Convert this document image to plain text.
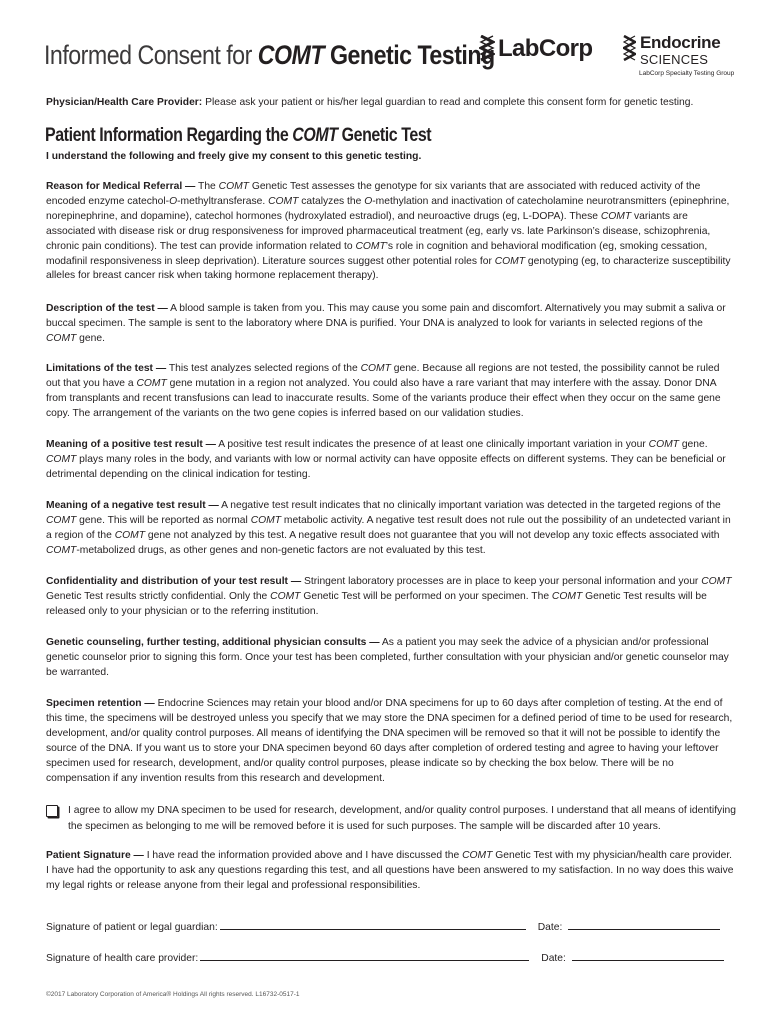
Informed Consent for COMT Genetic Testing LabCorp	Endocrine
SCIENCES
LabCorp Specialty Testing Group
Physician/Health Care Provider: Please ask your patient or his/her legal guardian to read and complete this consent form for genetic testing.
Patient Information Regarding the COMT Genetic Test
I understand the following and freely give my consent to this genetic testing.
Reason for Medical Referral — The COMT Genetic Test assesses the genotype for six variants that are associated with reduced activity of the encoded enzyme catechol-O-methyltransferase. COMT catalyzes the O-methylation and inactivation of catecholamine neurotransmitters (epinephrine, norepinephrine, and dopamine), catechol hormones (hydroxylated estradiol), and neuroactive drugs (eg, L-DOPA). These COMT variants are associated with disease risk or drug responsiveness for improved pharmaceutical treatment (eg, early vs. late Parkinson’s disease, schizophrenia, chronic pain conditions). The test can provide information related to COMT’s role in cognition and behavioral modification (eg, smoking cessation, modafinil responsiveness in sleep deprivation). Literature sources suggest other potential roles for COMT genotyping (eg, to characterize susceptibility alleles for breast cancer risk when taking hormone replacement therapy).
Description of the test — A blood sample is taken from you. This may cause you some pain and discomfort. Alternatively you may submit a saliva or buccal specimen. The sample is sent to the laboratory where DNA is purified. Your DNA is analyzed to look for variants in selected regions of the COMT gene.
Limitations of the test — This test analyzes selected regions of the COMT gene. Because all regions are not tested, the possibility cannot be ruled out that you have a COMT gene mutation in a region not analyzed. You could also have a rare variant that may interfere with the assay. Donor DNA from transplants and recent transfusions can lead to inaccurate results. Some of the variants produce their effect when they occur on the same gene copy. The arrangement of the variants on the two gene copies is inferred based on our validation studies.
Meaning of a positive test result — A positive test result indicates the presence of at least one clinically important variation in your COMT gene. COMT plays many roles in the body, and variants with low or normal activity can have opposite effects on different systems. They can be beneficial or detrimental depending on the clinical indication for testing.
Meaning of a negative test result — A negative test result indicates that no clinically important variation was detected in the targeted regions of the COMT gene. This will be reported as normal COMT metabolic activity. A negative test result does not rule out the possibility of an undetected variant in a region of the COMT gene not analyzed by this test. A negative result does not guarantee that you will not develop any toxic effects associated with COMT-metabolized drugs, as other genes and non-genetic factors are not evaluated by this test.
Confidentiality and distribution of your test result — Stringent laboratory processes are in place to keep your personal information and your COMT Genetic Test results strictly confidential. Only the COMT Genetic Test will be performed on your specimen. The COMT Genetic Test results will be released only to your physician or to the referring institution.
Genetic counseling, further testing, additional physician consults — As a patient you may seek the advice of a physician and/or professional genetic counselor prior to signing this form. Once your test has been completed, further consultation with your physician and/or genetic counselor may be warranted.
Specimen retention — Endocrine Sciences may retain your blood and/or DNA specimens for up to 60 days after completion of testing. At the end of this time, the specimens will be destroyed unless you specify that we may store the DNA specimen for a defined period of time to be used for research, development, and/or quality control purposes. All means of identifying the DNA specimen will be removed so that it will not be possible to identify the source of the DNA. If you want us to store your DNA specimen beyond 60 days after completion of ordered testing and agree to having your leftover specimen used for research, development, and/or quality control purposes, please indicate so by checking the box below. There will be no compensation if any invention results from this research and development.
I agree to allow my DNA specimen to be used for research, development, and/or quality control purposes. I understand that all means of identifying the specimen as belonging to me will be removed before it is used for such purposes. The sample will be discarded after 10 years.
Patient Signature — I have read the information provided above and I have discussed the COMT Genetic Test with my physician/health care provider. I have had the opportunity to ask any questions regarding this test, and all questions have been answered to my satisfaction. In no way does this waive my legal rights or release anyone from their legal and professional responsibilities.
Signature of patient or legal guardian:	Date:
Signature of health care provider:	Date:
©2017 Laboratory Corporation of America® Holdings All rights reserved. L16732-0517-1
